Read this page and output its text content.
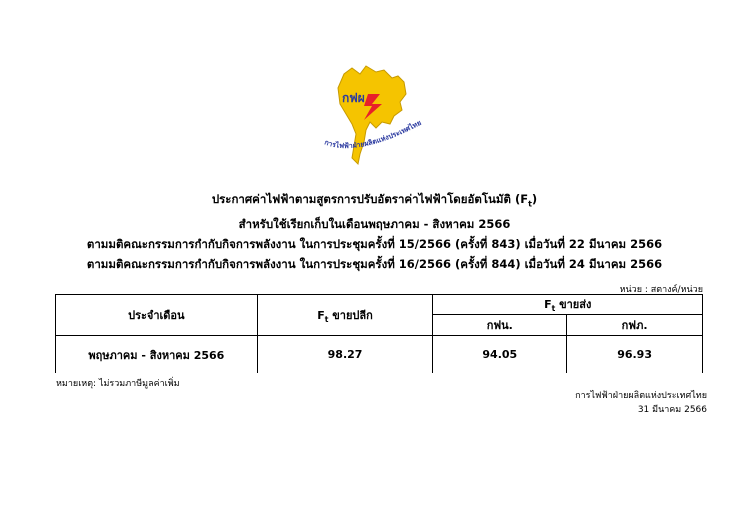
กฟผ
การไฟฟ้าฝ่ายผลิตแห่งประเทศไทย
ประกาศค่าไฟฟ้าตามสูตรการปรับอัตราค่าไฟฟ้าโดยอัตโนมัติ $(F_t)$
สำหรับใช้เรียกเก็บในเดือนพฤษภาคม - สิงหาคม 2566
ตามมติคณะกรรมการกำกับกิจการพลังงาน ในการประชุมครั้งที่ 15/2566 (ครั้งที่ 843) เมื่อวันที่ 22 มีนาคม 2566
ตามมติคณะกรรมการกำกับกิจการพลังงาน ในการประชุมครั้งที่ 16/2566 (ครั้งที่ 844) เมื่อวันที่ 24 มีนาคม 2566
หน่วย : สตางค์/หน่วย
ประจำเดือน	$F_t$ ขายปลีก	$F_t$ ขายส่ง	
		กฟน.	กฟภ.
พฤษภาคม - สิงหาคม 2566	98.27	94.05	96.93
หมายเหตุ: ไม่รวมภาษีมูลค่าเพิ่ม
การไฟฟ้าฝ่ายผลิตแห่งประเทศไทย
31 มีนาคม 2566
